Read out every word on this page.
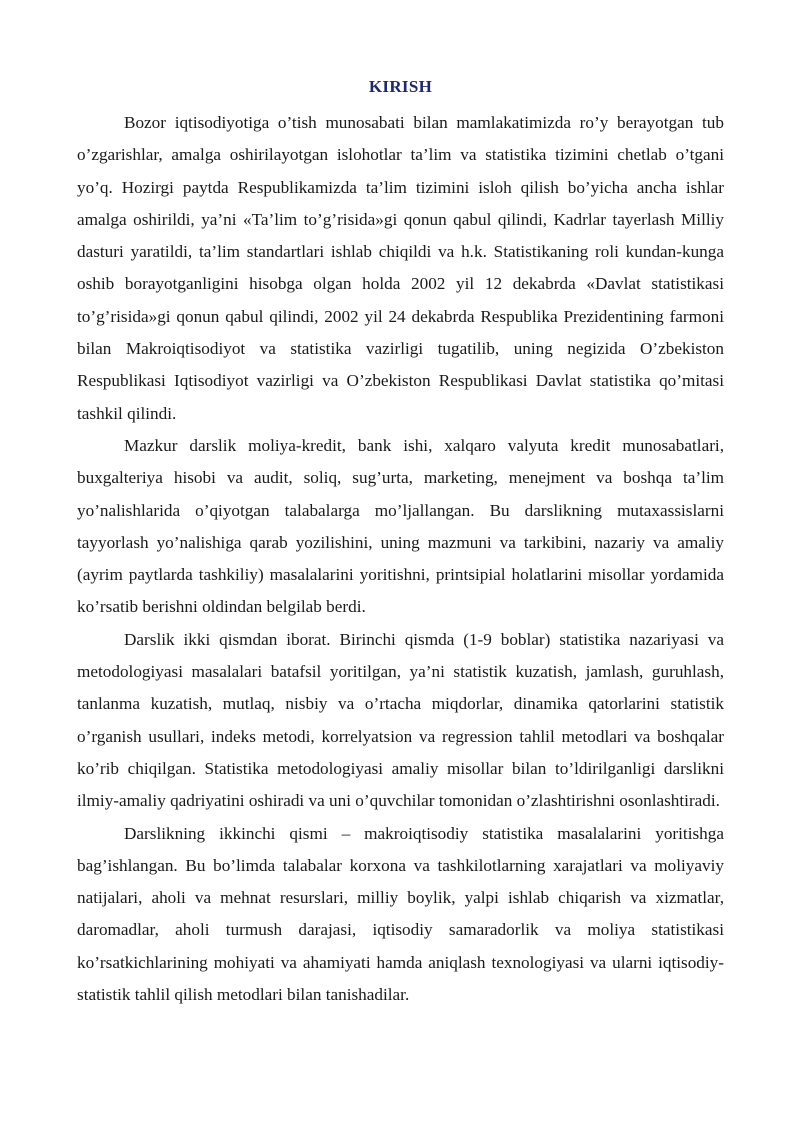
KIRISH

Bozor iqtisodiyotiga o’tish munosabati bilan mamlakatimizda ro’y berayotgan tub o’zgarishlar, amalga oshirilayotgan islohotlar ta’lim va statistika tizimini chetlab o’tgani yo’q. Hozirgi paytda Respublikamizda ta’lim tizimini isloh qilish bo’yicha ancha ishlar amalga oshirildi, ya’ni «Ta’lim to’g’risida»gi qonun qabul qilindi, Kadrlar tayerlash Milliy dasturi yaratildi, ta’lim standartlari ishlab chiqildi va h.k. Statistikaning roli kundan-kunga oshib borayotganligini hisobga olgan holda 2002 yil 12 dekabrda «Davlat statistikasi to’g’risida»gi qonun qabul qilindi, 2002 yil 24 dekabrda Respublika Prezidentining farmoni bilan Makroiqtisodiyot va statistika vazirligi tugatilib, uning negizida O’zbekiston Respublikasi Iqtisodiyot vazirligi va O’zbekiston Respublikasi Davlat statistika qo’mitasi tashkil qilindi.

Mazkur darslik moliya-kredit, bank ishi, xalqaro valyuta kredit munosabatlari, buxgalteriya hisobi va audit, soliq, sug’urta, marketing, menejment va boshqa ta’lim yo’nalishlarida o’qiyotgan talabalarga mo’ljallangan. Bu darslikning mutaxassislarni tayyorlash yo’nalishiga qarab yozilishini, uning mazmuni va tarkibini, nazariy va amaliy (ayrim paytlarda tashkiliy) masalalarini yoritishni, printsipial holatlarini misollar yordamida ko’rsatib berishni oldindan belgilab berdi.

Darslik ikki qismdan iborat. Birinchi qismda (1-9 boblar) statistika nazariyasi va metodologiyasi masalalari batafsil yoritilgan, ya’ni statistik kuzatish, jamlash, guruhlash, tanlanma kuzatish, mutlaq, nisbiy va o’rtacha miqdorlar, dinamika qatorlarini statistik o’rganish usullari, indeks metodi, korrelyatsion va regression tahlil metodlari va boshqalar ko’rib chiqilgan. Statistika metodologiyasi amaliy misollar bilan to’ldirilganligi darslikni ilmiy-amaliy qadriyatini oshiradi va uni o’quvchilar tomonidan o’zlashtirishni osonlashtiradi.

Darslikning ikkinchi qismi – makroiqtisodiy statistika masalalarini yoritishga bag’ishlangan. Bu bo’limda talabalar korxona va tashkilotlarning xarajatlari va moliyaviy natijalari, aholi va mehnat resurslari, milliy boylik, yalpi ishlab chiqarish va xizmatlar, daromadlar, aholi turmush darajasi, iqtisodiy samaradorlik va moliya statistikasi ko’rsatkichlarining mohiyati va ahamiyati hamda aniqlash texnologiyasi va ularni iqtisodiy-statistik tahlil qilish metodlari bilan tanishadilar.
